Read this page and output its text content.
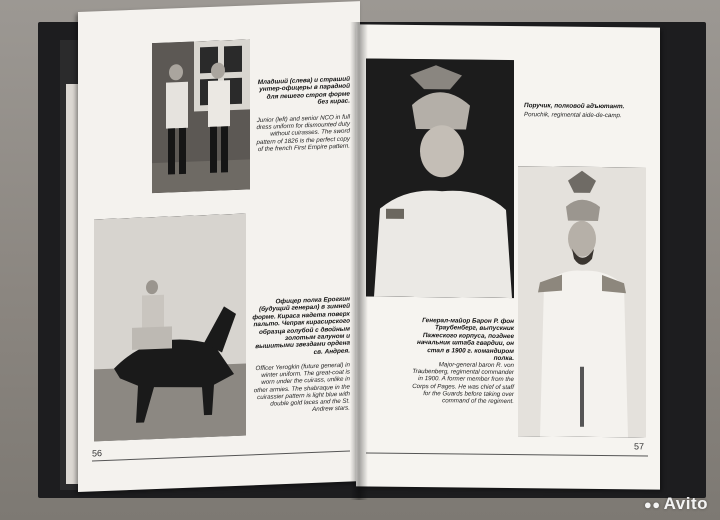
Младший (слева) и страший унтер-офицеры в парадной для пешего строя форме без кирас.
Junior (left) and senior NCO in full dress uniform for dismounted duty without cuirasses. The sword pattern of 1826 is the perfect copy of the french First Empire pattern.
Офицер полка Ерогкин (будущий генерал) в зимней форме. Кираса надета поверх пальто. Чепрак кирасирского образца голубой с двойным золотым галуном и вышитыми звездами ордена св. Андрея.
Officer Yerogkin (future general) in winter uniform. The great-coat is worn under the cuirass, unlike in other armies. The shabraque in the cuirassier pattern is light blue with double gold laces and the St. Andrew stars.
56
Поручик, полковой адъютант.
Poruchik, regimental aide-de-camp.
Генерал-майор Барон Р. фон Траубенберг, выпускник Пажеского корпуса, позднее начальник штаба гвардии, он стал в 1900 г. командиром полка.
Major-general baron R. von Traubenberg, regimental commander in 1900. A former member from the Corps of Pages. He was chief of staff for the Guards before taking over command of the regiment.
57
●● Avito
